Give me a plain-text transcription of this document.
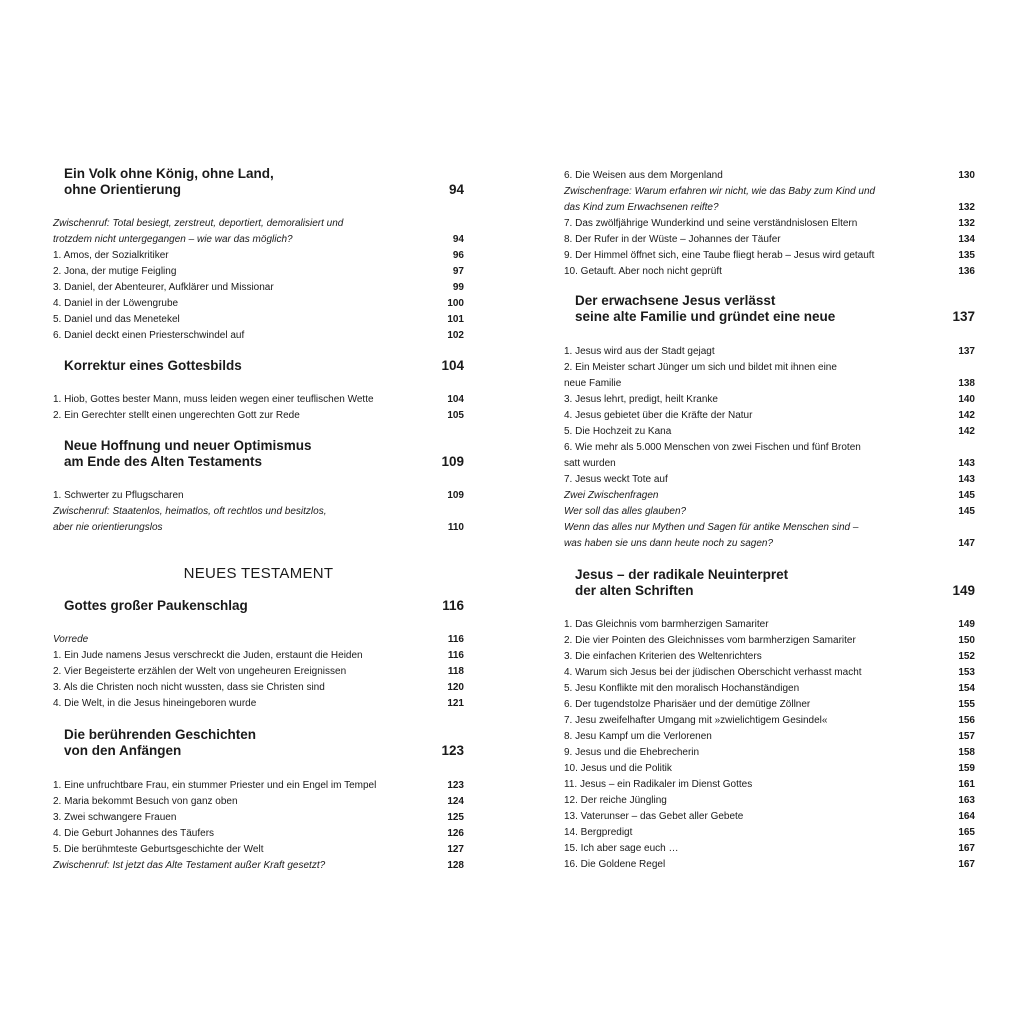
Ein Volk ohne König, ohne Land,
ohne Orientierung	94
Zwischenruf: Total besiegt, zerstreut, deportiert, demoralisiert und
trotzdem nicht untergegangen – wie war das möglich?	94
1. Amos, der Sozialkritiker	96
2. Jona, der mutige Feigling	97
3. Daniel, der Abenteurer, Aufklärer und Missionar	99
4. Daniel in der Löwengrube	100
5. Daniel und das Menetekel	101
6. Daniel deckt einen Priesterschwindel auf	102
Korrektur eines Gottesbilds	104
1. Hiob, Gottes bester Mann, muss leiden wegen einer teuflischen Wette	104
2. Ein Gerechter stellt einen ungerechten Gott zur Rede	105
Neue Hoffnung und neuer Optimismus
am Ende des Alten Testaments	109
1. Schwerter zu Pflugscharen	109
Zwischenruf: Staatenlos, heimatlos, oft rechtlos und besitzlos,
aber nie orientierungslos	110
Gottes großer Paukenschlag	116
Vorrede	116
1. Ein Jude namens Jesus verschreckt die Juden, erstaunt die Heiden	116
2. Vier Begeisterte erzählen der Welt von ungeheuren Ereignissen	118
3. Als die Christen noch nicht wussten, dass sie Christen sind	120
4. Die Welt, in die Jesus hineingeboren wurde	121
Die berührenden Geschichten
von den Anfängen	123
1. Eine unfruchtbare Frau, ein stummer Priester und ein Engel im Tempel	123
2. Maria bekommt Besuch von ganz oben	124
3. Zwei schwangere Frauen	125
4. Die Geburt Johannes des Täufers	126
5. Die berühmteste Geburtsgeschichte der Welt	127
Zwischenruf: Ist jetzt das Alte Testament außer Kraft gesetzt?	128
6. Die Weisen aus dem Morgenland	130
Zwischenfrage: Warum erfahren wir nicht, wie das Baby zum Kind und
das Kind zum Erwachsenen reifte?	132
7. Das zwölfjährige Wunderkind und seine verständnislosen Eltern	132
8. Der Rufer in der Wüste – Johannes der Täufer	134
9. Der Himmel öffnet sich, eine Taube fliegt herab – Jesus wird getauft	135
10. Getauft. Aber noch nicht geprüft	136
Der erwachsene Jesus verlässt
seine alte Familie und gründet eine neue	137
1. Jesus wird aus der Stadt gejagt	137
2. Ein Meister schart Jünger um sich und bildet mit ihnen eine
neue Familie	138
3. Jesus lehrt, predigt, heilt Kranke	140
4. Jesus gebietet über die Kräfte der Natur	142
5. Die Hochzeit zu Kana	142
6. Wie mehr als 5.000 Menschen von zwei Fischen und fünf Broten
satt wurden	143
7. Jesus weckt Tote auf	143
Zwei Zwischenfragen	145
Wer soll das alles glauben?	145
Wenn das alles nur Mythen und Sagen für antike Menschen sind –
was haben sie uns dann heute noch zu sagen?	147
Jesus – der radikale Neuinterpret
der alten Schriften	149
1. Das Gleichnis vom barmherzigen Samariter	149
2. Die vier Pointen des Gleichnisses vom barmherzigen Samariter	150
3. Die einfachen Kriterien des Weltenrichters	152
4. Warum sich Jesus bei der jüdischen Oberschicht verhasst macht	153
5. Jesu Konflikte mit den moralisch Hochanständigen	154
6. Der tugendstolze Pharisäer und der demütige Zöllner	155
7. Jesu zweifelhafter Umgang mit »zwielichtigem Gesindel«	156
8. Jesu Kampf um die Verlorenen	157
9. Jesus und die Ehebrecherin	158
10. Jesus und die Politik	159
11. Jesus – ein Radikaler im Dienst Gottes	161
12. Der reiche Jüngling	163
13. Vaterunser – das Gebet aller Gebete	164
14. Bergpredigt	165
15. Ich aber sage euch …	167
16. Die Goldene Regel	167
NEUES TESTAMENT
